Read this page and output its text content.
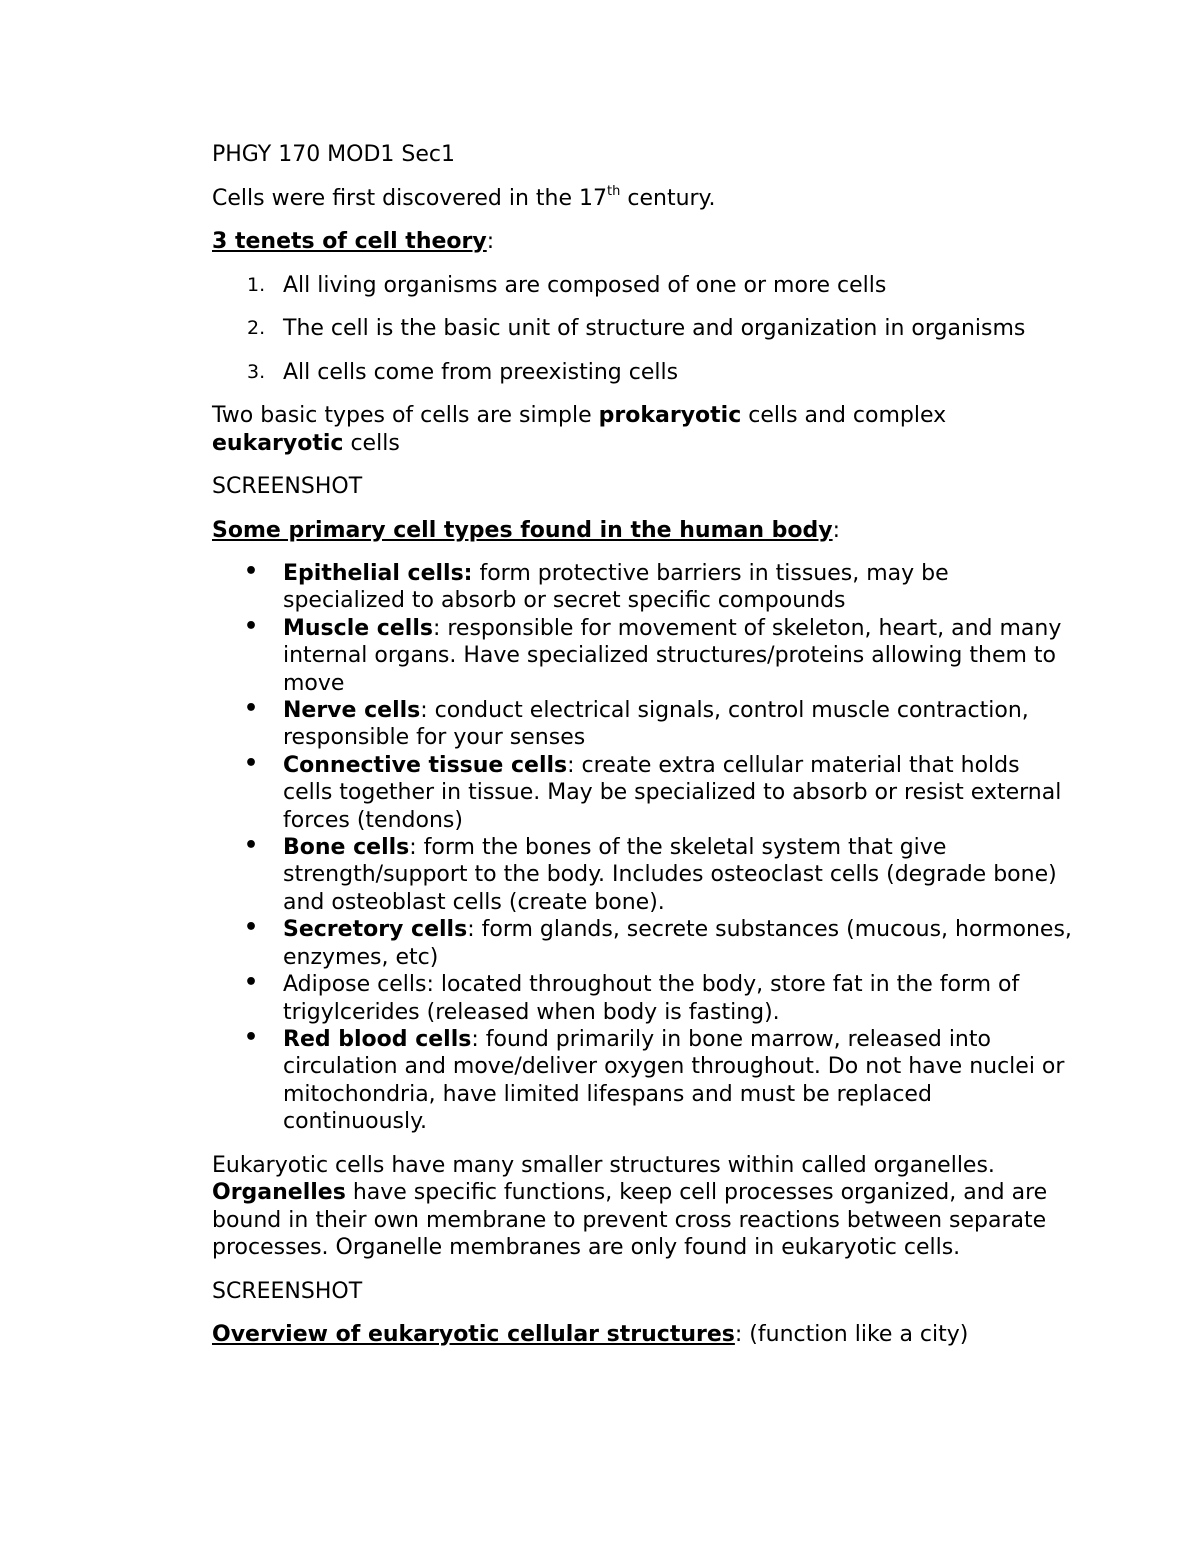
PHGY 170 MOD1 Sec1

Cells were first discovered in the 17th century.

3 tenets of cell theory:

1. All living organisms are composed of one or more cells
2. The cell is the basic unit of structure and organization in organisms
3. All cells come from preexisting cells

Two basic types of cells are simple prokaryotic cells and complex eukaryotic cells

SCREENSHOT

Some primary cell types found in the human body:

• Epithelial cells: form protective barriers in tissues, may be specialized to absorb or secret specific compounds
• Muscle cells: responsible for movement of skeleton, heart, and many internal organs. Have specialized structures/proteins allowing them to move
• Nerve cells: conduct electrical signals, control muscle contraction, responsible for your senses
• Connective tissue cells: create extra cellular material that holds cells together in tissue. May be specialized to absorb or resist external forces (tendons)
• Bone cells: form the bones of the skeletal system that give strength/support to the body. Includes osteoclast cells (degrade bone) and osteoblast cells (create bone).
• Secretory cells: form glands, secrete substances (mucous, hormones, enzymes, etc)
• Adipose cells: located throughout the body, store fat in the form of trigylcerides (released when body is fasting).
• Red blood cells: found primarily in bone marrow, released into circulation and move/deliver oxygen throughout. Do not have nuclei or mitochondria, have limited lifespans and must be replaced continuously.

Eukaryotic cells have many smaller structures within called organelles. Organelles have specific functions, keep cell processes organized, and are bound in their own membrane to prevent cross reactions between separate processes. Organelle membranes are only found in eukaryotic cells.

SCREENSHOT

Overview of eukaryotic cellular structures: (function like a city)
